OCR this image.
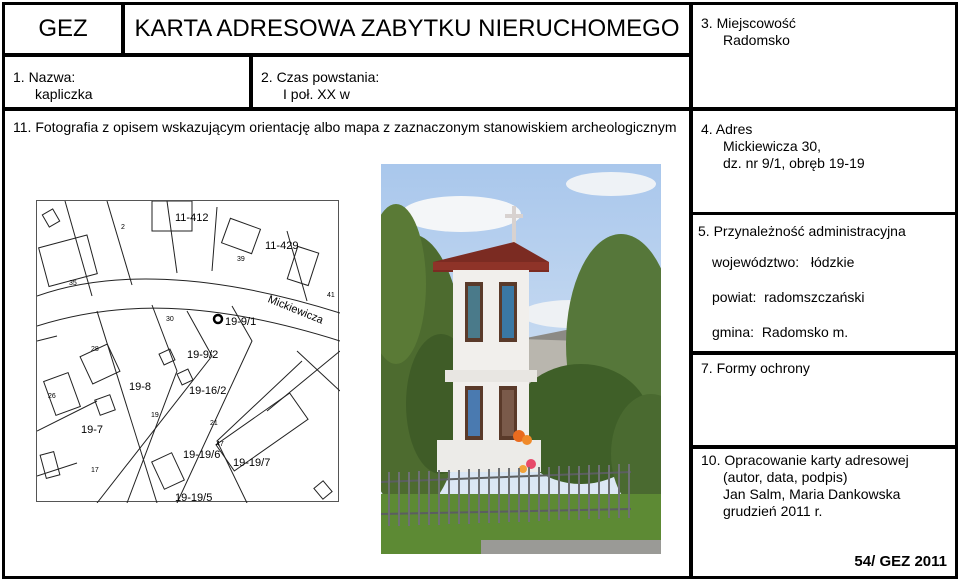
GEZ	KARTA ADRESOWA ZABYTKU NIERUCHOMEGO
1. Nazwa:
kapliczka
2. Czas powstania:
I poł. XX w
3. Miejscowość
Radomsko
11. Fotografia z opisem wskazującym orientację albo mapa z zaznaczonym stanowiskiem archeologicznym
11-412
11-429
19-9/1
19-9/2
19-8	19-16/2
19-7
19-19/6
19-19/7
19-19/5
Mickiewicza
2
39
41
35
30
28
26
21
19
17
47
4. Adres
Mickiewicza 30,
dz. nr 9/1, obręb 19-19
5. Przynależność administracyjna
województwo: łódzkie
powiat: radomszczański
gmina: Radomsko m.
7. Formy ochrony
10. Opracowanie karty adresowej
(autor, data, podpis)
Jan Salm, Maria Dankowska
grudzień 2011 r.
54/ GEZ 2011
